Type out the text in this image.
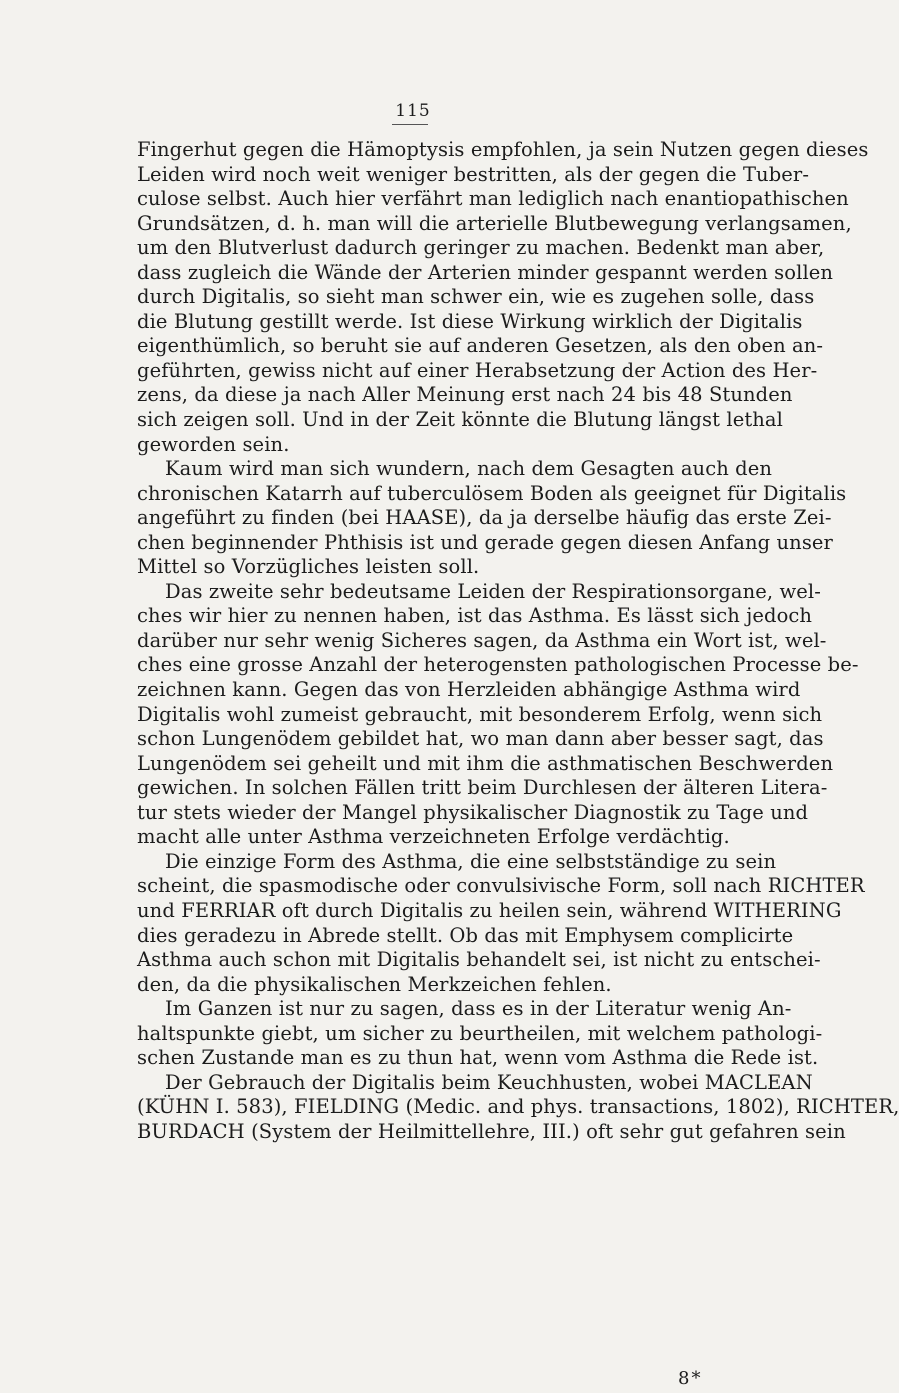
115
Fingerhut gegen die Hämoptysis empfohlen, ja sein Nutzen gegen dieses
Leiden wird noch weit weniger bestritten, als der gegen die Tuber-
culose selbst. Auch hier verfährt man lediglich nach enantiopathischen
Grundsätzen, d. h. man will die arterielle Blutbewegung verlangsamen,
um den Blutverlust dadurch geringer zu machen. Bedenkt man aber,
dass zugleich die Wände der Arterien minder gespannt werden sollen
durch Digitalis, so sieht man schwer ein, wie es zugehen solle, dass
die Blutung gestillt werde. Ist diese Wirkung wirklich der Digitalis
eigenthümlich, so beruht sie auf anderen Gesetzen, als den oben an-
geführten, gewiss nicht auf einer Herabsetzung der Action des Her-
zens, da diese ja nach Aller Meinung erst nach 24 bis 48 Stunden
sich zeigen soll. Und in der Zeit könnte die Blutung längst lethal
geworden sein.
Kaum wird man sich wundern, nach dem Gesagten auch den
chronischen Katarrh auf tuberculösem Boden als geeignet für Digitalis
angeführt zu finden (bei HAASE), da ja derselbe häufig das erste Zei-
chen beginnender Phthisis ist und gerade gegen diesen Anfang unser
Mittel so Vorzügliches leisten soll.
Das zweite sehr bedeutsame Leiden der Respirationsorgane, wel-
ches wir hier zu nennen haben, ist das Asthma. Es lässt sich jedoch
darüber nur sehr wenig Sicheres sagen, da Asthma ein Wort ist, wel-
ches eine grosse Anzahl der heterogensten pathologischen Processe be-
zeichnen kann. Gegen das von Herzleiden abhängige Asthma wird
Digitalis wohl zumeist gebraucht, mit besonderem Erfolg, wenn sich
schon Lungenödem gebildet hat, wo man dann aber besser sagt, das
Lungenödem sei geheilt und mit ihm die asthmatischen Beschwerden
gewichen. In solchen Fällen tritt beim Durchlesen der älteren Litera-
tur stets wieder der Mangel physikalischer Diagnostik zu Tage und
macht alle unter Asthma verzeichneten Erfolge verdächtig.
Die einzige Form des Asthma, die eine selbstständige zu sein
scheint, die spasmodische oder convulsivische Form, soll nach RICHTER
und FERRIAR oft durch Digitalis zu heilen sein, während WITHERING
dies geradezu in Abrede stellt. Ob das mit Emphysem complicirte
Asthma auch schon mit Digitalis behandelt sei, ist nicht zu entschei-
den, da die physikalischen Merkzeichen fehlen.
Im Ganzen ist nur zu sagen, dass es in der Literatur wenig An-
haltspunkte giebt, um sicher zu beurtheilen, mit welchem pathologi-
schen Zustande man es zu thun hat, wenn vom Asthma die Rede ist.
Der Gebrauch der Digitalis beim Keuchhusten, wobei MACLEAN
(KÜHN I. 583), FIELDING (Medic. and phys. transactions, 1802), RICHTER,
BURDACH (System der Heilmittellehre, III.) oft sehr gut gefahren sein
8*
